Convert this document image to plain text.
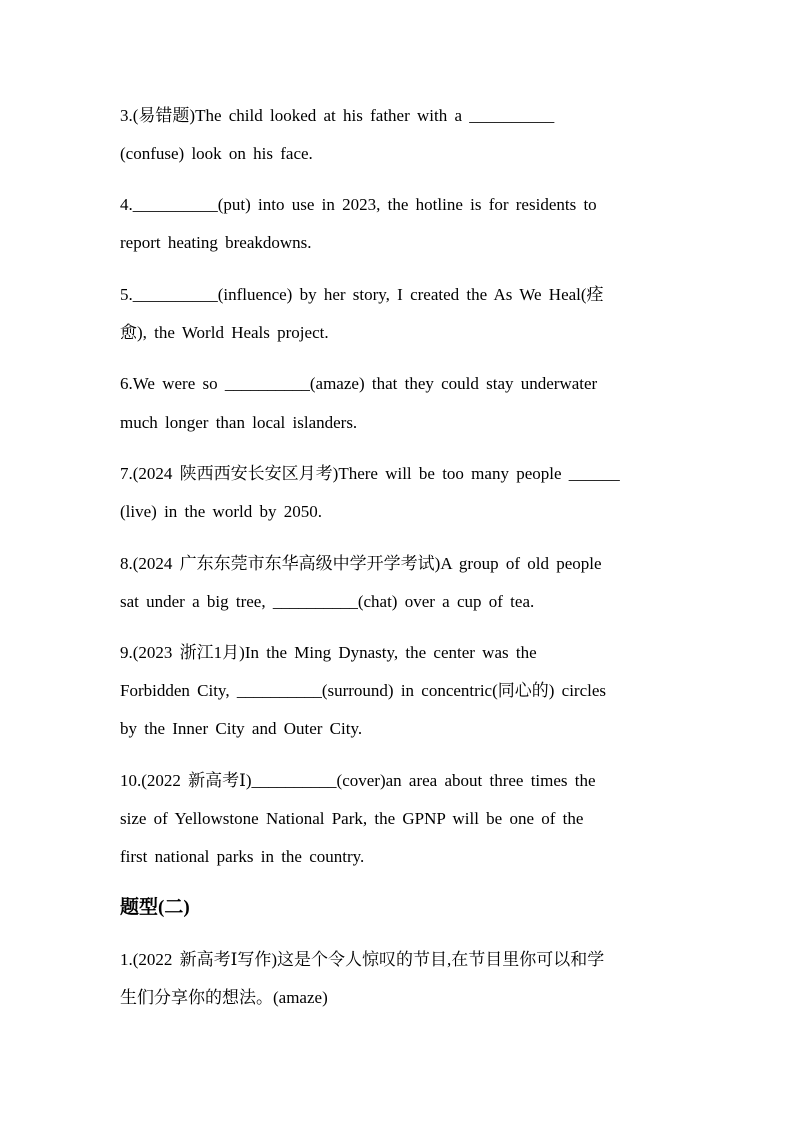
3.(易错题)The child looked at his father with a __________
(confuse) look on his face.
4.__________(put) into use in 2023, the hotline is for residents to
report heating breakdowns.
5.__________(influence) by her story, I created the As We Heal(痊
愈), the World Heals project.
6.We were so __________(amaze) that they could stay underwater
much longer than local islanders.
7.(2024 陕西西安长安区月考)There will be too many people ______
(live) in the world by 2050.
8.(2024 广东东莞市东华高级中学开学考试)A group of old people
sat under a big tree, __________(chat) over a cup of tea.
9.(2023 浙江1月)In the Ming Dynasty, the center was the
Forbidden City, __________(surround) in concentric(同心的) circles
by the Inner City and Outer City.
10.(2022 新高考Ⅰ)__________(cover)an area about three times the
size of Yellowstone National Park, the GPNP will be one of the
first national parks in the country.
题型(二)
1.(2022 新高考Ⅰ写作)这是个令人惊叹的节目,在节目里你可以和学
生们分享你的想法。(amaze)
